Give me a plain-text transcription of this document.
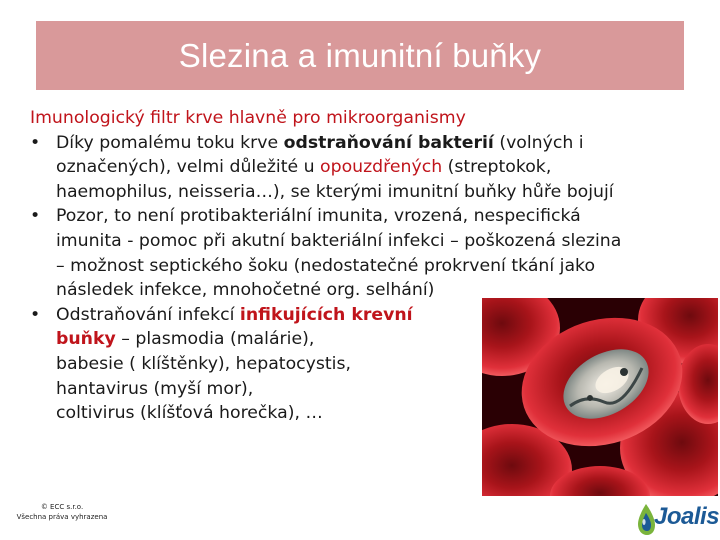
Slezina a imunitní buňky
Imunologický filtr krve hlavně pro mikroorganismy
• Díky pomalému toku krve odstraňování bakterií (volných i
označených), velmi důležité u opouzdřených (streptokok,
haemophilus, neisseria…), se kterými imunitní buňky hůře bojují
• Pozor, to není protibakteriální imunita, vrozená, nespecifická
imunita - pomoc při akutní bakteriální infekci – poškozená slezina
– možnost septického šoku (nedostatečné prokrvení tkání jako
následek infekce, mnohočetné org. selhání)
• Odstraňování infekcí infikujících krevní
buňky – plasmodia (malárie),
babesie ( klíštěnky), hepatocystis,
hantavirus (myší mor),
coltivirus (klíšťová horečka), …
© ECC s.r.o.
Všechna práva vyhrazena	Joalis
